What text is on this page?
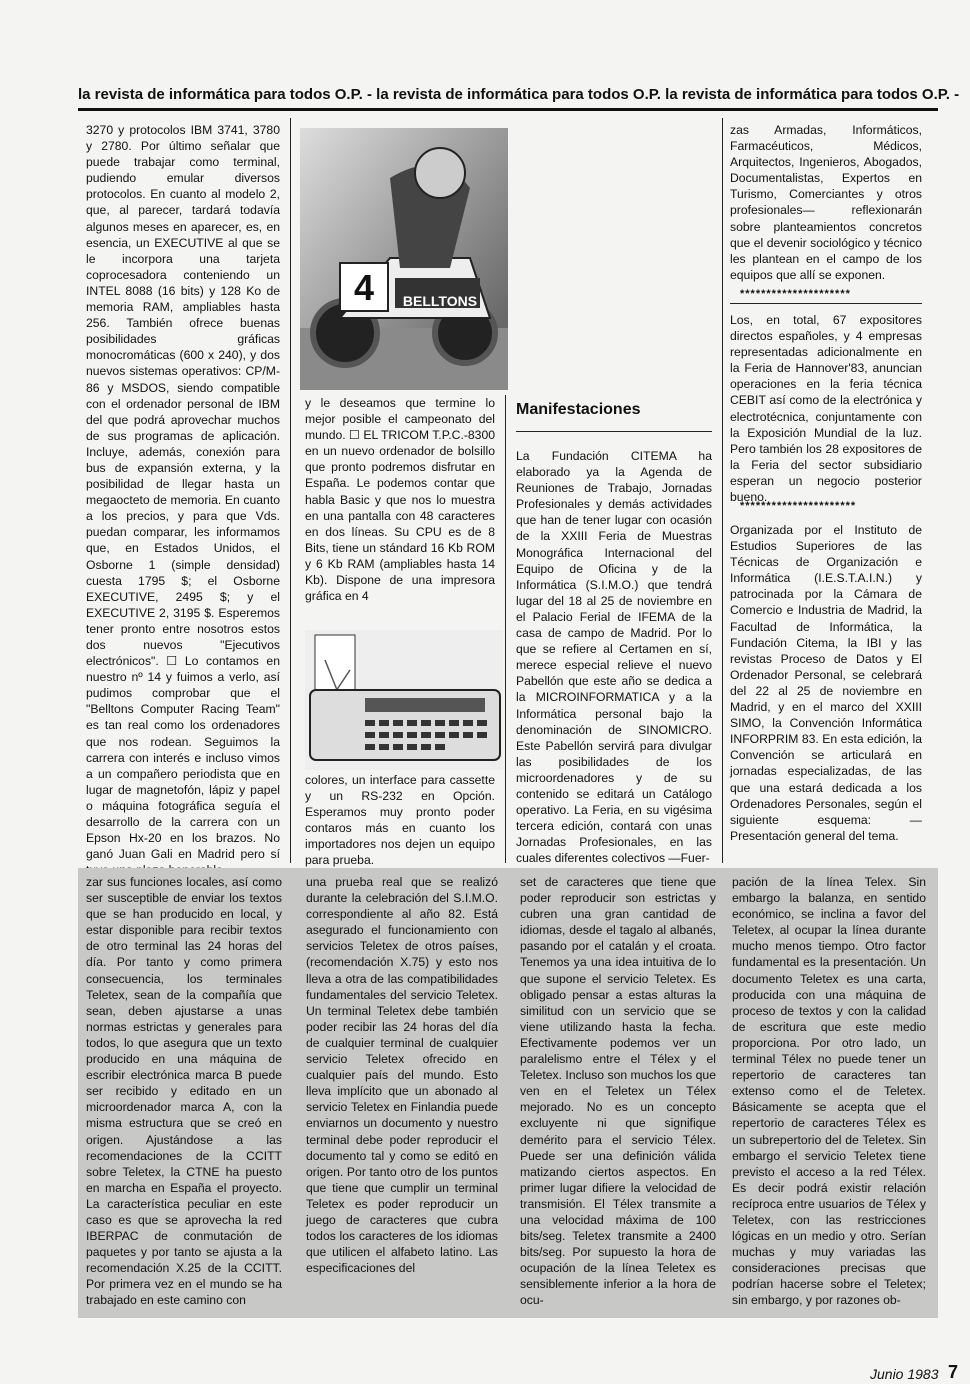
la revista de informática para todos O.P. - la revista de informática para todos O.P. la revista de informática para todos O.P. -

3270 y protocolos IBM 3741, 3780 y 2780. Por último señalar que puede trabajar como terminal, pudiendo emular diversos protocolos. En cuanto al modelo 2, que, al parecer, tardará todavía algunos meses en aparecer, es, en esencia, un EXECUTIVE al que se le incorpora una tarjeta coprocesadora conteniendo un INTEL 8088 (16 bits) y 128 Ko de memoria RAM, ampliables hasta 256. También ofrece buenas posibilidades gráficas monocromáticas (600 x 240), y dos nuevos sistemas operativos: CP/M-86 y MSDOS, siendo compatible con el ordenador personal de IBM del que podrá aprovechar muchos de sus programas de aplicación. Incluye, además, conexión para bus de expansión externa, y la posibilidad de llegar hasta un megaocteto de memoria. En cuanto a los precios, y para que Vds. puedan comparar, les informamos que, en Estados Unidos, el Osborne 1 (simple densidad) cuesta 1795 $; el Osborne EXECUTIVE, 2495 $; y el EXECUTIVE 2, 3195 $. Esperemos tener pronto entre nosotros estos dos nuevos "Ejecutivos electrónicos". ☐ Lo contamos en nuestro nº 14 y fuimos a verlo, así pudimos comprobar que el "Belltons Computer Racing Team" es tan real como los ordenadores que nos rodean. Seguimos la carrera con interés e incluso vimos a un compañero periodista que en lugar de magnetofón, lápiz y papel o máquina fotográfica seguía el desarrollo de la carrera con un Epson Hx-20 en los brazos. No ganó Juan Gali en Madrid pero sí

4 BELLTONS

y le deseamos que termine lo mejor posible el campeonato del mundo. ☐ EL TRICOM T.P.C.-8300 en un nuevo ordenador de bolsillo que pronto podremos disfrutar en España. Le podemos contar que habla Basic y que nos lo muestra en una pantalla con 48 caracteres en dos líneas. Su CPU es de 8 Bits, tiene un stándard 16 Kb ROM y 6 Kb RAM (ampliables hasta 14 Kb). Dispone de una impresora gráfica en 4

colores, un interface para cassette y un RS-232 en Opción. Esperamos muy pronto poder contaros más en cuanto los importadores nos dejen un equipo para prueba.

Manifestaciones

La Fundación CITEMA ha elaborado ya la Agenda de Reuniones de Trabajo, Jornadas Profesionales y demás actividades que han de tener lugar con ocasión de la XXIII Feria de Muestras Monográfica Internacional del Equipo de Oficina y de la Informática (S.I.M.O.) que tendrá lugar del 18 al 25 de noviembre en el Palacio Ferial de IFEMA de la casa de campo de Madrid. Por lo que se refiere al Certamen en sí, merece especial relieve el nuevo Pabellón que este año se dedica a la MICROINFORMATICA y a la Informática personal bajo la denominación de SINOMICRO. Este Pabellón servirá para divulgar las posibilidades de los microordenadores y de su contenido se editará un Catálogo operativo. La Feria, en su vigésima tercera edición, contará con unas Jornadas Profesionales, en las cuales diferentes colectivos —Fuer-

zas Armadas, Informáticos, Farmacéuticos, Médicos, Arquitectos, Ingenieros, Abogados, Documentalistas, Expertos en Turismo, Comerciantes y otros profesionales— reflexionarán sobre planteamientos concretos que el devenir sociológico y técnico les plantean en el campo de los equipos que allí se exponen.

*********************

Los, en total, 67 expositores directos españoles, y 4 empresas representadas adicionalmente en la Feria de Hannover'83, anuncian operaciones en la feria técnica CEBIT así como de la electrónica y electrotécnica, conjuntamente con la Exposición Mundial de la luz. Pero también los 28 expositores de la Feria del sector subsidiario esperan un negocio posterior bueno.

**********************

Organizada por el Instituto de Estudios Superiores de las Técnicas de Organización e Informática (I.E.S.T.A.I.N.) y patrocinada por la Cámara de Comercio e Industria de Madrid, la Facultad de Informática, la Fundación Citema, la IBI y las revistas Proceso de Datos y El Ordenador Personal, se celebrará del 22 al 25 de noviembre en Madrid, y en el marco del XXIII SIMO, la Convención Informática INFORPRIM 83. En esta edición, la Convención se articulará en jornadas especializadas, de las que una estará dedicada a los Ordenadores Personales, según el siguiente esquema: — Presentación general del tema.

zar sus funciones locales, así como ser susceptible de enviar los textos que se han producido en local, y estar disponible para recibir textos de otro terminal las 24 horas del día. Por tanto y como primera consecuencia, los terminales Teletex, sean de la compañía que sean, deben ajustarse a unas normas estrictas y generales para todos, lo que asegura que un texto producido en una máquina de escribir electrónica marca B puede ser recibido y editado en un microordenador marca A, con la misma estructura que se creó en origen. Ajustándose a las recomendaciones de la CCITT sobre Teletex, la CTNE ha puesto en marcha en España el proyecto. La característica peculiar en este caso es que se aprovecha la red IBERPAC de conmutación de paquetes y por tanto se ajusta a la recomendación X.25 de la CCITT. Por primera vez en el mundo se ha trabajado en este camino con

una prueba real que se realizó durante la celebración del S.I.M.O. correspondiente al año 82. Está asegurado el funcionamiento con servicios Teletex de otros países, (recomendación X.75) y esto nos lleva a otra de las compatibilidades fundamentales del servicio Teletex. Un terminal Teletex debe también poder recibir las 24 horas del día de cualquier terminal de cualquier servicio Teletex ofrecido en cualquier país del mundo. Esto lleva implícito que un abonado al servicio Teletex en Finlandia puede enviarnos un documento y nuestro terminal debe poder reproducir el documento tal y como se editó en origen. Por tanto otro de los puntos que tiene que cumplir un terminal Teletex es poder reproducir un juego de caracteres que cubra todos los caracteres de los idiomas que utilicen el alfabeto latino. Las especificaciones del

set de caracteres que tiene que poder reproducir son estrictas y cubren una gran cantidad de idiomas, desde el tagalo al albanés, pasando por el catalán y el croata. Tenemos ya una idea intuitiva de lo que supone el servicio Teletex. Es obligado pensar a estas alturas la similitud con un servicio que se viene utilizando hasta la fecha. Efectivamente podemos ver un paralelismo entre el Télex y el Teletex. Incluso son muchos los que ven en el Teletex un Télex mejorado. No es un concepto excluyente ni que signifique demérito para el servicio Télex. Puede ser una definición válida matizando ciertos aspectos. En primer lugar difiere la velocidad de transmisión. El Télex transmite a una velocidad máxima de 100 bits/seg. Teletex transmite a 2400 bits/seg. Por supuesto la hora de ocupación de la línea Teletex es sensiblemente inferior a la hora de ocu-

pación de la línea Telex. Sin embargo la balanza, en sentido económico, se inclina a favor del Teletex, al ocupar la línea durante mucho menos tiempo. Otro factor fundamental es la presentación. Un documento Teletex es una carta, producida con una máquina de proceso de textos y con la calidad de escritura que este medio proporciona. Por otro lado, un terminal Télex no puede tener un repertorio de caracteres tan extenso como el de Teletex. Básicamente se acepta que el repertorio de caracteres Télex es un subrepertorio del de Teletex. Sin embargo el servicio Teletex tiene previsto el acceso a la red Télex. Es decir podrá existir relación recíproca entre usuarios de Télex y Teletex, con las restricciones lógicas en un medio y otro. Serían muchas y muy variadas las consideraciones precisas que podrían hacerse sobre el Teletex; sin embargo, y por razones ob-

Junio 1983 7
